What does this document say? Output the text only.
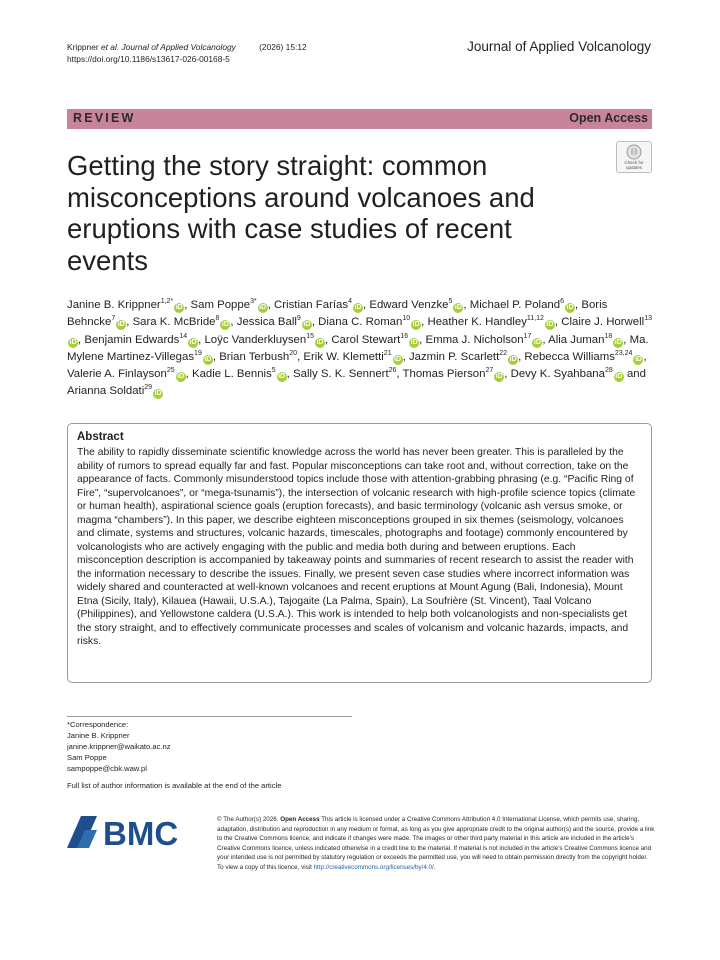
Krippner et al. Journal of Applied Volcanology	(2026) 15:12
https://doi.org/10.1186/s13617-026-00168-5
Journal of Applied Volcanology
REVIEW	Open Access
Check for
updates
Getting the story straight: common misconceptions around volcanoes and eruptions with case studies of recent events
Janine B. Krippner$^{1,2*}$iD , Sam Poppe$^{3*}$iD , Cristian Farías$^4$iD , Edward Venzke$^5$iD , Michael P. Poland$^6$iD , Boris Behncke$^7$iD , Sara K. McBride$^8$iD , Jessica Ball$^9$iD , Diana C. Roman$^{10}$iD , Heather K. Handley$^{11,12}$iD , Claire J. Horwell$^{13}$iD , Benjamin Edwards$^{14}$iD , Loÿc Vanderkluysen$^{15}$iD , Carol Stewart$^{16}$iD , Emma J. Nicholson$^{17}$iD , Alia Juman$^{18}$iD , Ma. Mylene Martinez-Villegas$^{19}$iD , Brian Terbush$^{20}$, Erik W. Klemetti$^{21}$iD , Jazmin P. Scarlett$^{22}$iD , Rebecca Williams$^{23,24}$iD , Valerie A. Finlayson$^{25}$iD , Kadie L. Bennis$^5$iD , Sally S. K. Sennert$^{26}$, Thomas Pierson$^{27}$iD , Devy K. Syahbana$^{28}$iD and Arianna Soldati$^{29}$iD
Abstract
The ability to rapidly disseminate scientific knowledge across the world has never been greater. This is paralleled by the ability of rumors to spread equally far and fast. Popular misconceptions can take root and, without correction, take on the appearance of facts. Commonly misunderstood topics include those with attention-grabbing phrasing (e.g. “Pacific Ring of Fire”, “supervolcanoes”, or “mega-tsunamis”), the intersection of volcanic research with high-profile science topics (climate or human health), aspirational science goals (eruption forecasts), and basic terminology (volcanic ash versus smoke, or magma “chambers”). In this paper, we describe eighteen misconceptions grouped in six themes (seismology, volcanoes and climate, systems and structures, volcanic hazards, timescales, photographs and footage) commonly encountered by volcanologists who are actively engaging with the public and media both during and between eruptions. Each misconception description is accompanied by takeaway points and summaries of recent research to assist the reader with the information necessary to describe the issues. Finally, we present seven case studies where incorrect information was widely shared and counteracted at well-known volcanoes and recent eruptions at Mount Agung (Bali, Indonesia), Mount Etna (Sicily, Italy), Kilauea (Hawaii, U.S.A.), Tajogaite (La Palma, Spain), La Soufrière (St. Vincent), Taal Volcano (Philippines), and Yellowstone caldera (U.S.A.). This work is intended to help both volcanologists and non-specialists get the story straight, and to effectively communicate processes and scales of volcanism and volcanic hazards, impacts, and risks.
*Correspondence:
Janine B. Krippner
janine.krippner@waikato.ac.nz
Sam Poppe
sampoppe@cbk.waw.pl
Full list of author information is available at the end of the article
BMC	© The Author(s) 2026. Open Access This article is licensed under a Creative Commons Attribution 4.0 International License, which permits use, sharing, adaptation, distribution and reproduction in any medium or format, as long as you give appropriate credit to the original author(s) and the source, provide a link to the Creative Commons licence, and indicate if changes were made. The images or other third party material in this article are included in the article’s Creative Commons licence, unless indicated otherwise in a credit line to the material. If material is not included in the article’s Creative Commons licence and your intended use is not permitted by statutory regulation or exceeds the permitted use, you will need to obtain permission directly from the copyright holder. To view a copy of this licence, visit http://creativecommons.org/licenses/by/4.0/.
